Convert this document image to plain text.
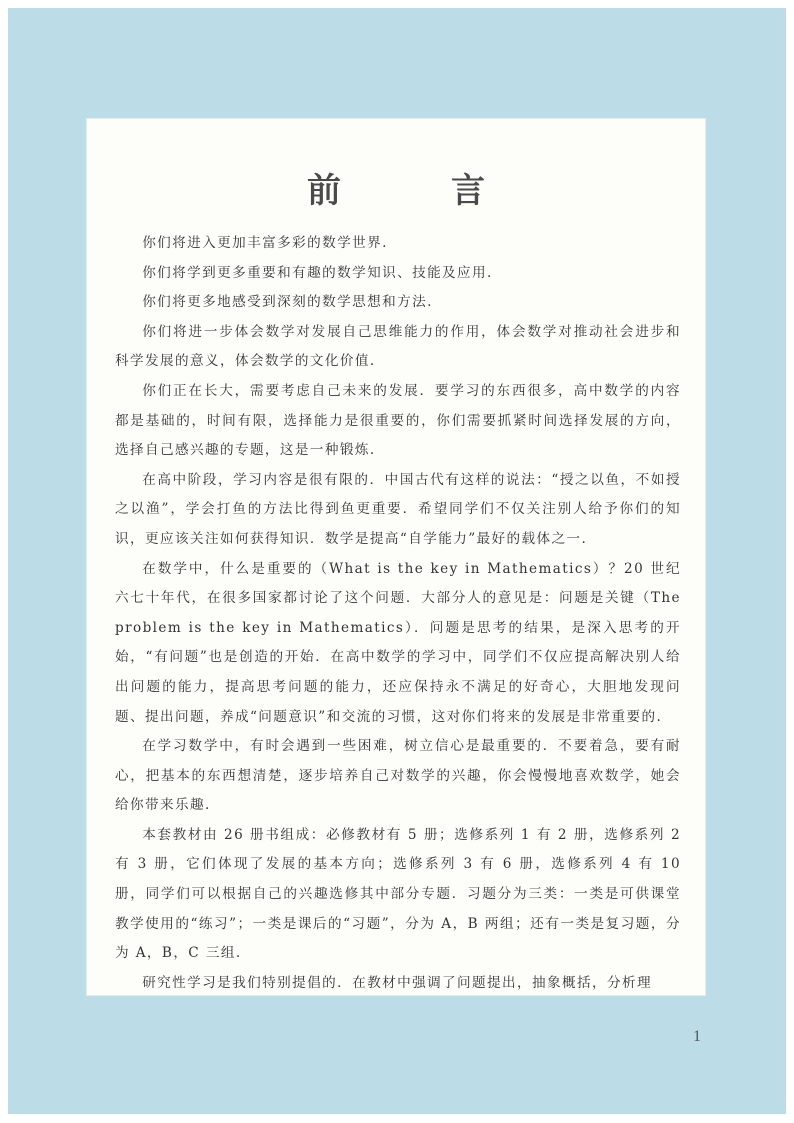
前言

你们将进入更加丰富多彩的数学世界.

你们将学到更多重要和有趣的数学知识、技能及应用.

你们将更多地感受到深刻的数学思想和方法.

你们将进一步体会数学对发展自己思维能力的作用，体会数学对推动社会进步和科学发展的意义，体会数学的文化价值.

你们正在长大，需要考虑自己未来的发展．要学习的东西很多，高中数学的内容都是基础的，时间有限，选择能力是很重要的，你们需要抓紧时间选择发展的方向，选择自己感兴趣的专题，这是一种锻炼.

在高中阶段，学习内容是很有限的．中国古代有这样的说法：“授之以鱼，不如授之以渔”，学会打鱼的方法比得到鱼更重要．希望同学们不仅关注别人给予你们的知识，更应该关注如何获得知识．数学是提高“自学能力”最好的载体之一.

在数学中，什么是重要的（What is the key in Mathematics）？20 世纪六七十年代，在很多国家都讨论了这个问题．大部分人的意见是：问题是关键（The problem is the key in Mathematics）．问题是思考的结果，是深入思考的开始，“有问题”也是创造的开始．在高中数学的学习中，同学们不仅应提高解决别人给出问题的能力，提高思考问题的能力，还应保持永不满足的好奇心，大胆地发现问题、提出问题，养成“问题意识”和交流的习惯，这对你们将来的发展是非常重要的.

在学习数学中，有时会遇到一些困难，树立信心是最重要的．不要着急，要有耐心，把基本的东西想清楚，逐步培养自己对数学的兴趣，你会慢慢地喜欢数学，她会给你带来乐趣.

本套教材由 26 册书组成：必修教材有 5 册；选修系列 1 有 2 册，选修系列 2 有 3 册，它们体现了发展的基本方向；选修系列 3 有 6 册，选修系列 4 有 10 册，同学们可以根据自己的兴趣选修其中部分专题．习题分为三类：一类是可供课堂教学使用的“练习”；一类是课后的“习题”，分为 A，B 两组；还有一类是复习题，分为 A，B，C 三组.

研究性学习是我们特别提倡的．在教材中强调了问题提出，抽象概括，分析理

1
